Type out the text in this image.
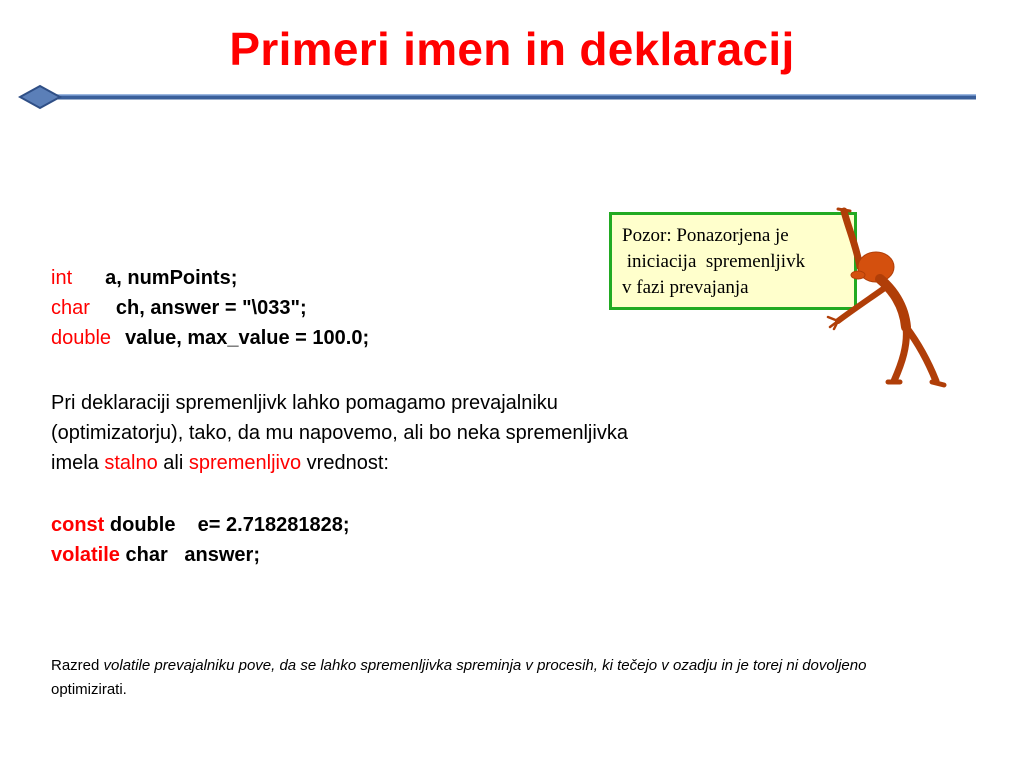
Primeri imen in deklaracij
int a, numPoints;
char ch, answer = "\033";
double value, max_value = 100.0;
Pri deklaraciji spremenljivk lahko pomagamo prevajalniku
(optimizatorju), tako, da mu napovemo, ali bo neka spremenljivka
imela stalno ali spremenljivo vrednost:
const double    e= 2.718281828;
volatile char   answer;
Razred volatile prevajalniku pove, da se lahko spremenljivka spreminja v procesih, ki tečejo v ozadju in je torej ni dovoljeno optimizirati.
Pozor: Ponazorjena je
iniciacija  spremenljivk
v fazi prevajanja
